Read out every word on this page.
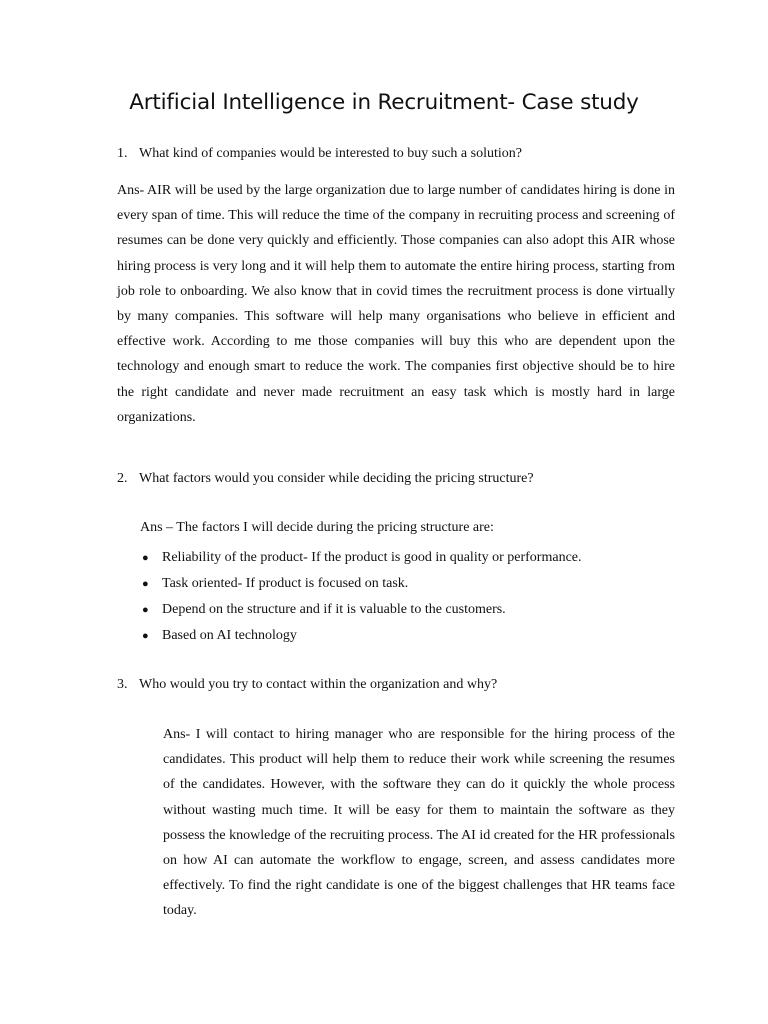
Artificial Intelligence in Recruitment- Case study
1. What kind of companies would be interested to buy such a solution?

Ans- AIR will be used by the large organization due to large number of candidates hiring is done in every span of time. This will reduce the time of the company in recruiting process and screening of resumes can be done very quickly and efficiently. Those companies can also adopt this AIR whose hiring process is very long and it will help them to automate the entire hiring process, starting from job role to onboarding. We also know that in covid times the recruitment process is done virtually by many companies. This software will help many organisations who believe in efficient and effective work. According to me those companies will buy this who are dependent upon the technology and enough smart to reduce the work. The companies first objective should be to hire the right candidate and never made recruitment an easy task which is mostly hard in large organizations.

2. What factors would you consider while deciding the pricing structure?
Ans – The factors I will decide during the pricing structure are:
● Reliability of the product- If the product is good in quality or performance.
● Task oriented- If product is focused on task.
● Depend on the structure and if it is valuable to the customers.
● Based on AI technology
3. Who would you try to contact within the organization and why?

Ans- I will contact to hiring manager who are responsible for the hiring process of the candidates. This product will help them to reduce their work while screening the resumes of the candidates. However, with the software they can do it quickly the whole process without wasting much time. It will be easy for them to maintain the software as they possess the knowledge of the recruiting process. The AI id created for the HR professionals on how AI can automate the workflow to engage, screen, and assess candidates more effectively. To find the right candidate is one of the biggest challenges that HR teams face today.
